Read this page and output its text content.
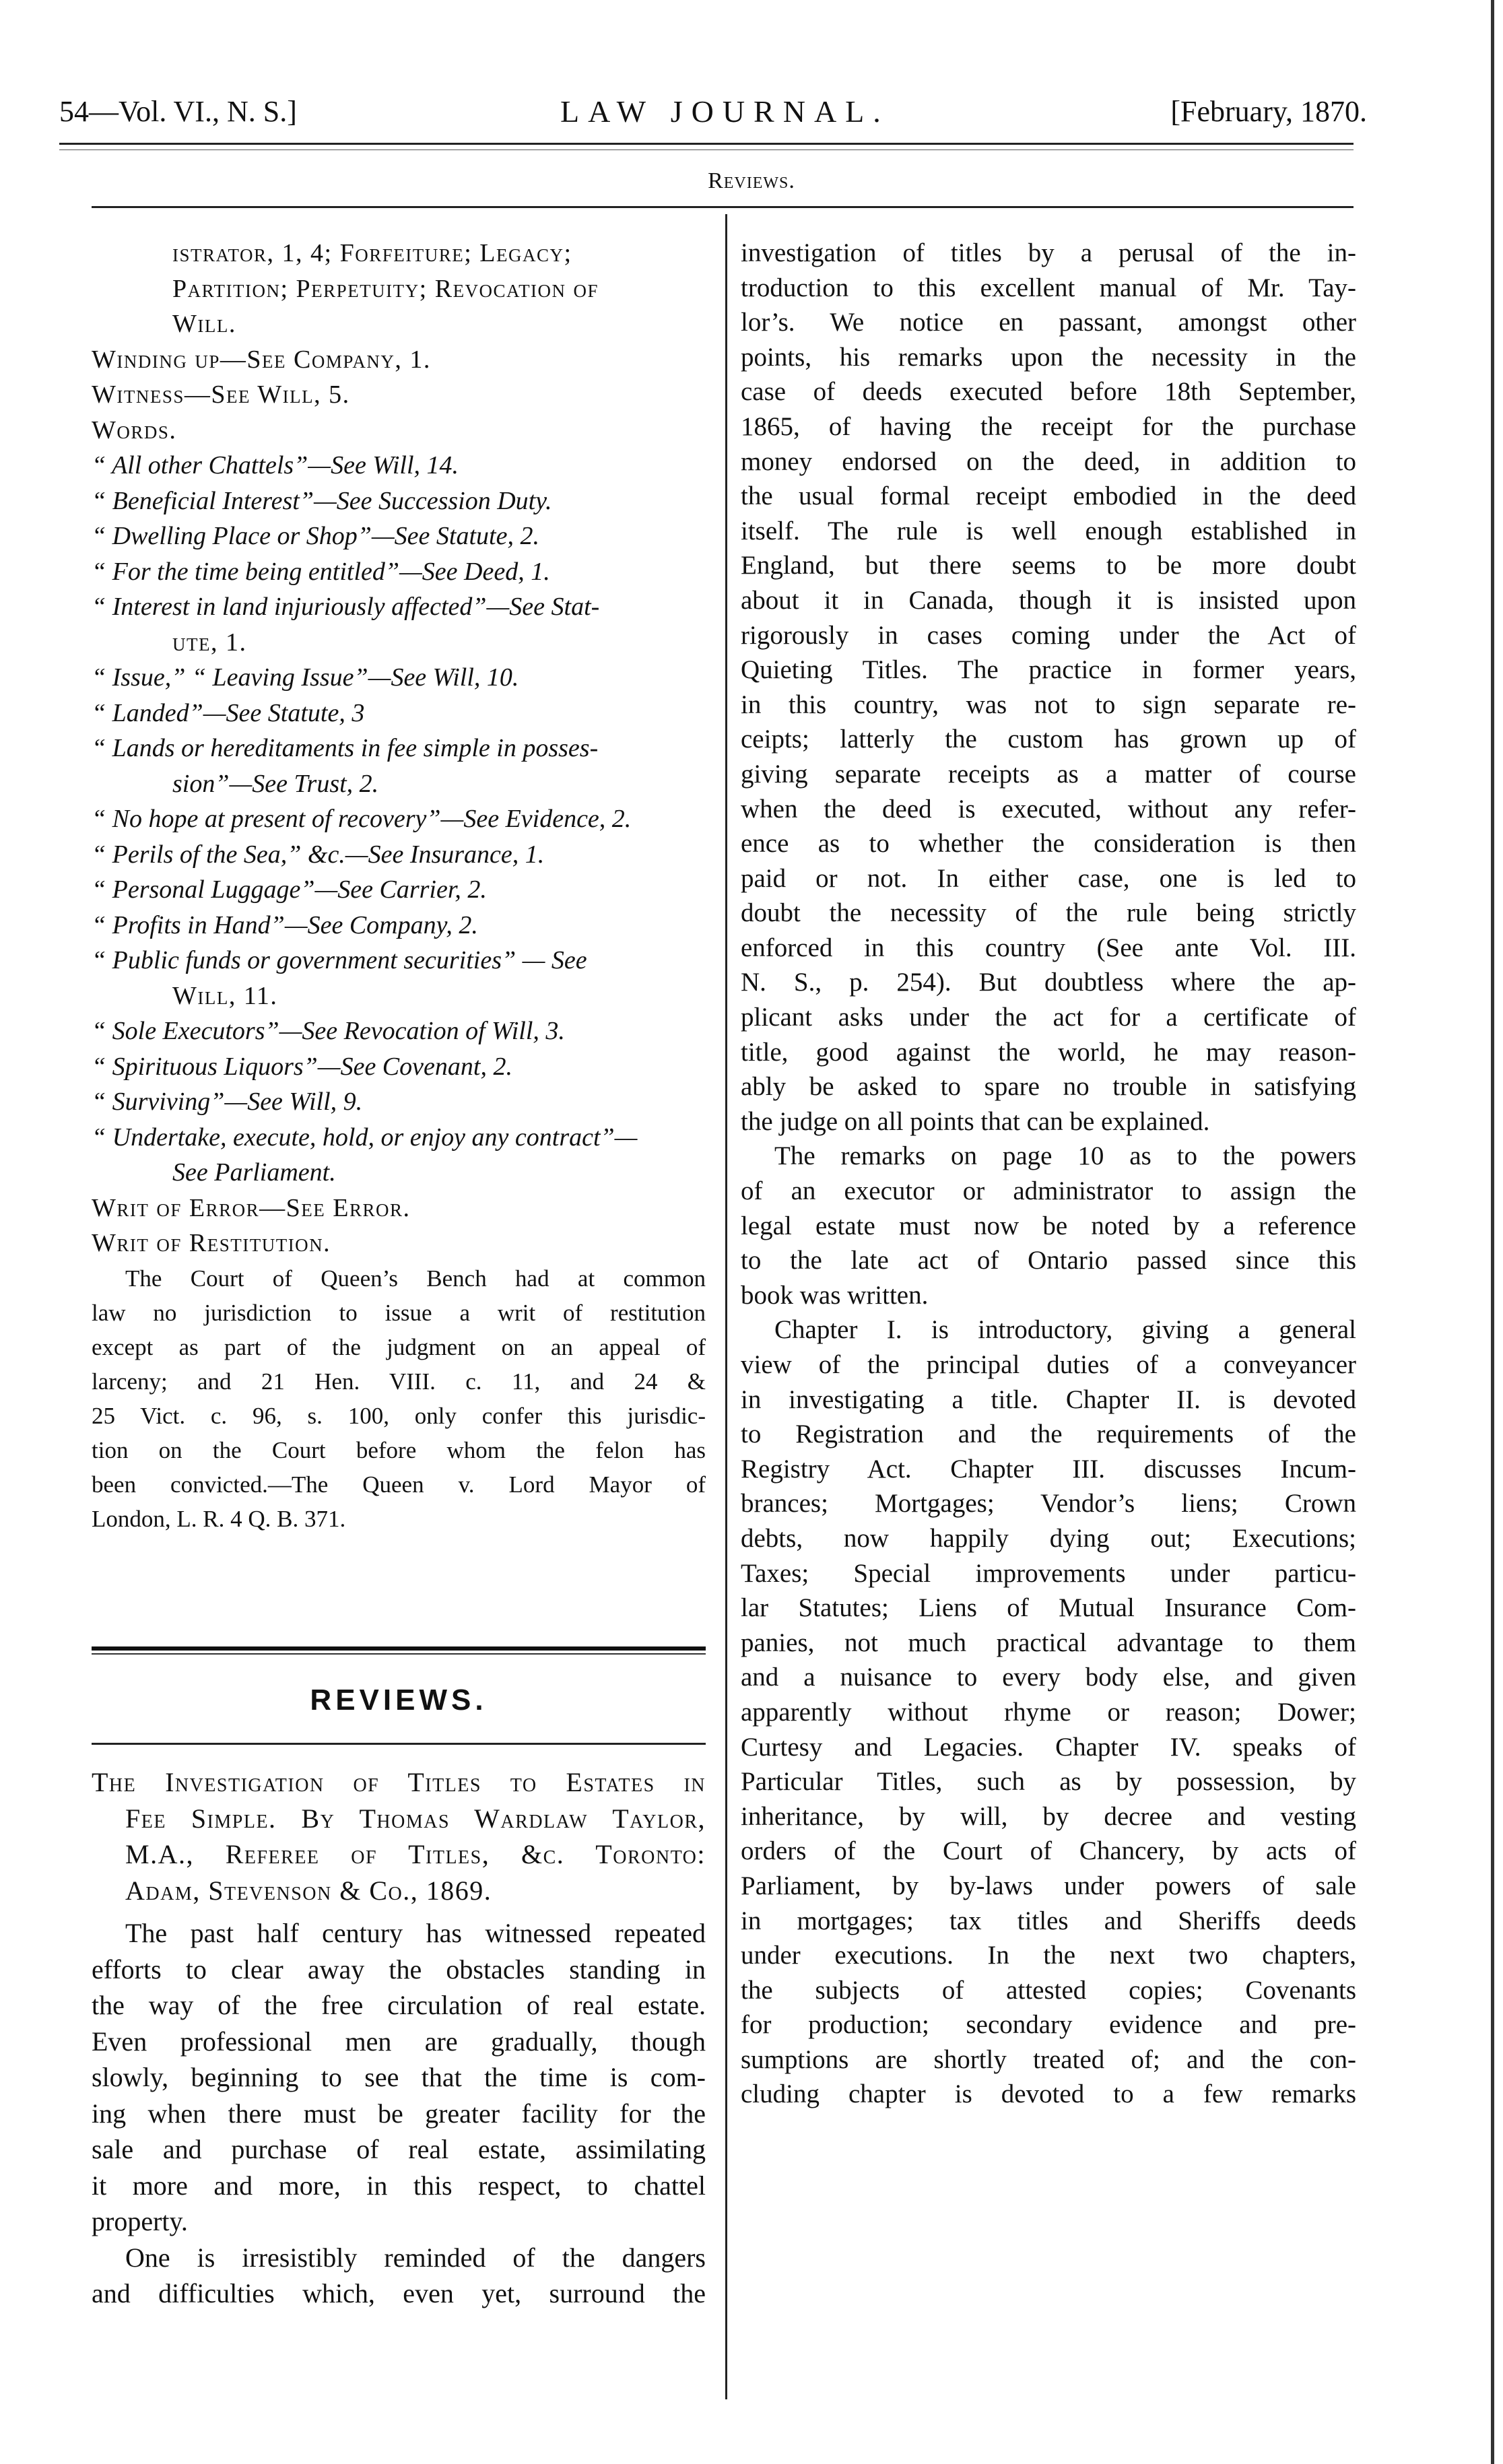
54—Vol. VI., N. S.]	LAW JOURNAL.	[February, 1870.
Reviews.
istrator, 1, 4; Forfeiture; Legacy;
Partition; Perpetuity; Revocation of
Will.
Winding up—See Company, 1.
Witness—See Will, 5.
Words.
“ All other Chattels”—See Will, 14.
“ Beneficial Interest”—See Succession Duty.
“ Dwelling Place or Shop”—See Statute, 2.
“ For the time being entitled”—See Deed, 1.
“ Interest in land injuriously affected”—See Stat-
ute, 1.
“ Issue,” “ Leaving Issue”—See Will, 10.
“ Landed”—See Statute, 3
“ Lands or hereditaments in fee simple in posses-
sion”—See Trust, 2.
“ No hope at present of recovery”—See Evidence, 2.
“ Perils of the Sea,” &c.—See Insurance, 1.
“ Personal Luggage”—See Carrier, 2.
“ Profits in Hand”—See Company, 2.
“ Public funds or government securities” — See
Will, 11.
“ Sole Executors”—See Revocation of Will, 3.
“ Spirituous Liquors”—See Covenant, 2.
“ Surviving”—See Will, 9.
“ Undertake, execute, hold, or enjoy any contract”—
See Parliament.
Writ of Error—See Error.
Writ of Restitution.
The Court of Queen’s Bench had at common
law no jurisdiction to issue a writ of restitution
except as part of the judgment on an appeal of
larceny; and 21 Hen. VIII. c. 11, and 24 &
25 Vict. c. 96, s. 100, only confer this jurisdic-
tion on the Court before whom the felon has
been convicted.—The Queen v. Lord Mayor of
London, L. R. 4 Q. B. 371.
REVIEWS.
The Investigation of Titles to Estates in
Fee Simple. By Thomas Wardlaw Taylor,
M.A., Referee of Titles, &c. Toronto:
Adam, Stevenson & Co., 1869.
The past half century has witnessed repeated
efforts to clear away the obstacles standing in
the way of the free circulation of real estate.
Even professional men are gradually, though
slowly, beginning to see that the time is com-
ing when there must be greater facility for the
sale and purchase of real estate, assimilating
it more and more, in this respect, to chattel
property.
One is irresistibly reminded of the dangers
and difficulties which, even yet, surround the
investigation of titles by a perusal of the in-
troduction to this excellent manual of Mr. Tay-
lor’s. We notice en passant, amongst other
points, his remarks upon the necessity in the
case of deeds executed before 18th September,
1865, of having the receipt for the purchase
money endorsed on the deed, in addition to
the usual formal receipt embodied in the deed
itself. The rule is well enough established in
England, but there seems to be more doubt
about it in Canada, though it is insisted upon
rigorously in cases coming under the Act of
Quieting Titles. The practice in former years,
in this country, was not to sign separate re-
ceipts; latterly the custom has grown up of
giving separate receipts as a matter of course
when the deed is executed, without any refer-
ence as to whether the consideration is then
paid or not. In either case, one is led to
doubt the necessity of the rule being strictly
enforced in this country (See ante Vol. III.
N. S., p. 254). But doubtless where the ap-
plicant asks under the act for a certificate of
title, good against the world, he may reason-
ably be asked to spare no trouble in satisfying
the judge on all points that can be explained.
The remarks on page 10 as to the powers
of an executor or administrator to assign the
legal estate must now be noted by a reference
to the late act of Ontario passed since this
book was written.
Chapter I. is introductory, giving a general
view of the principal duties of a conveyancer
in investigating a title. Chapter II. is devoted
to Registration and the requirements of the
Registry Act. Chapter III. discusses Incum-
brances; Mortgages; Vendor’s liens; Crown
debts, now happily dying out; Executions;
Taxes; Special improvements under particu-
lar Statutes; Liens of Mutual Insurance Com-
panies, not much practical advantage to them
and a nuisance to every body else, and given
apparently without rhyme or reason; Dower;
Curtesy and Legacies. Chapter IV. speaks of
Particular Titles, such as by possession, by
inheritance, by will, by decree and vesting
orders of the Court of Chancery, by acts of
Parliament, by by-laws under powers of sale
in mortgages; tax titles and Sheriffs deeds
under executions. In the next two chapters,
the subjects of attested copies; Covenants
for production; secondary evidence and pre-
sumptions are shortly treated of; and the con-
cluding chapter is devoted to a few remarks
